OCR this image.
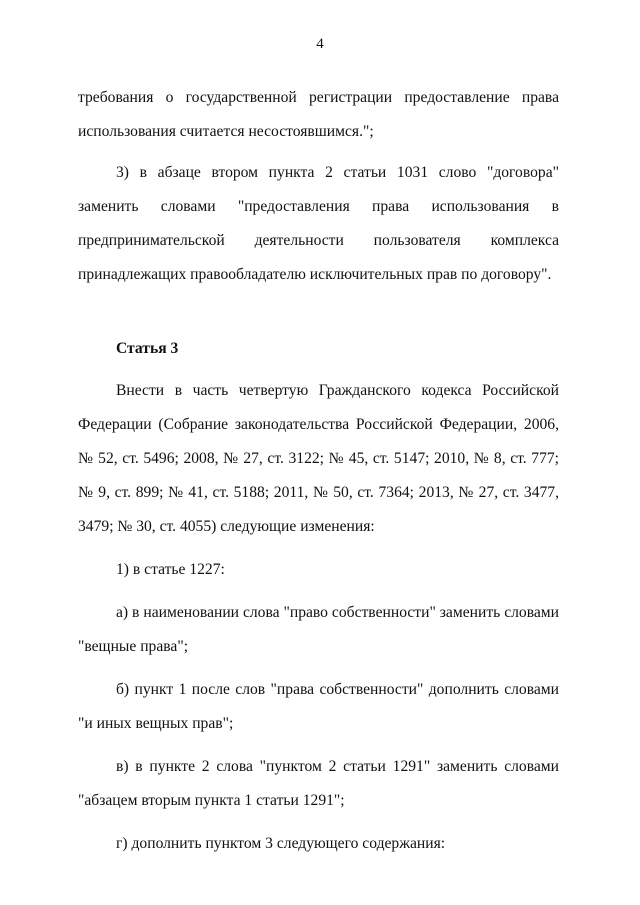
4

требования о государственной регистрации предоставление права использования считается несостоявшимся.";

3) в абзаце втором пункта 2 статьи 1031 слово "договора" заменить словами "предоставления права использования в предпринимательской деятельности пользователя комплекса принадлежащих правообладателю исключительных прав по договору".

Статья 3

Внести в часть четвертую Гражданского кодекса Российской Федерации (Собрание законодательства Российской Федерации, 2006, № 52, ст. 5496; 2008, № 27, ст. 3122; № 45, ст. 5147; 2010, № 8, ст. 777; № 9, ст. 899; № 41, ст. 5188; 2011, № 50, ст. 7364; 2013, № 27, ст. 3477, 3479; № 30, ст. 4055) следующие изменения:

1) в статье 1227:

а) в наименовании слова "право собственности" заменить словами "вещные права";

б) пункт 1 после слов "права собственности" дополнить словами "и иных вещных прав";

в) в пункте 2 слова "пунктом 2 статьи 1291" заменить словами "абзацем вторым пункта 1 статьи 1291";

г) дополнить пунктом 3 следующего содержания:
